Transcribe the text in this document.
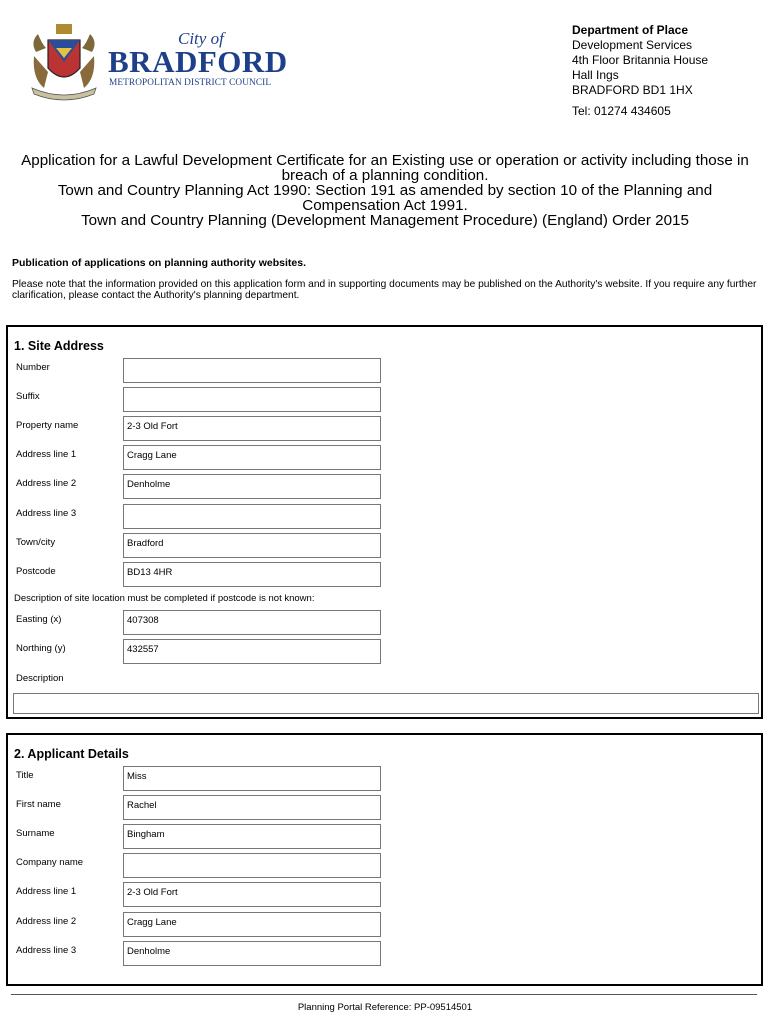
City of
BRADFORD
METROPOLITAN DISTRICT COUNCIL
Department of Place
Development Services
4th Floor Britannia House
Hall Ings
BRADFORD BD1 1HX
Tel: 01274 434605
Application for a Lawful Development Certificate for an Existing use or operation or activity including those in
breach of a planning condition.
Town and Country Planning Act 1990: Section 191 as amended by section 10 of the Planning and
Compensation Act 1991.
Town and Country Planning (Development Management Procedure) (England) Order 2015
Publication of applications on planning authority websites.
Please note that the information provided on this application form and in supporting documents may be published on the Authority's website. If you require any further clarification, please contact the Authority's planning department.
1. Site Address
Number
Suffix
Property name	2-3 Old Fort
Address line 1	Cragg Lane
Address line 2	Denholme
Address line 3
Town/city	Bradford
Postcode	BD13 4HR
Description of site location must be completed if postcode is not known:
Easting (x)	407308
Northing (y)	432557
Description
2. Applicant Details
Title	Miss
First name	Rachel
Surname	Bingham
Company name
Address line 1	2-3 Old Fort
Address line 2	Cragg Lane
Address line 3	Denholme
Planning Portal Reference: PP-09514501
